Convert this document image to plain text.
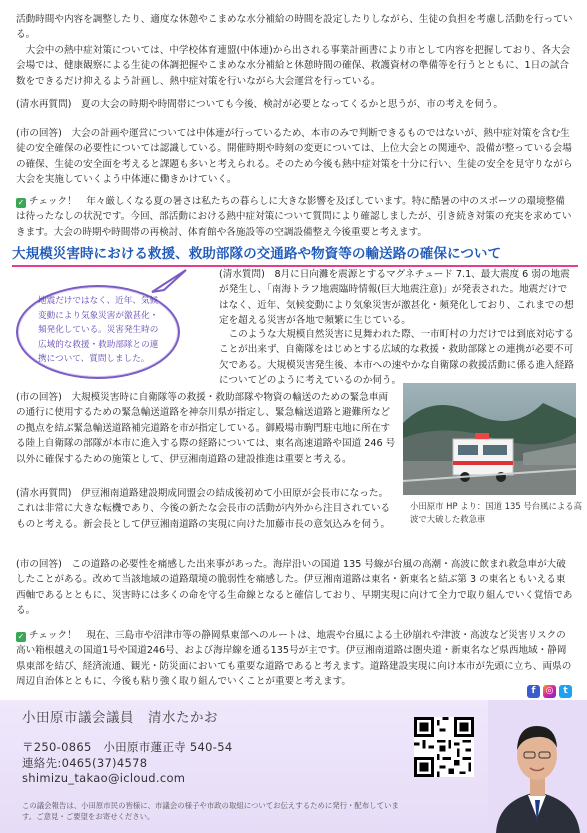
活動時間や内容を調整したり、適度な休憩やこまめな水分補給の時間を設定したりしながら、生徒の負担を考慮し活動を行っている。

大会中の熱中症対策については、中学校体育連盟(中体連)から出される事業計画書により市として内容を把握しており、各大会会場では、健康観察による生徒の体調把握やこまめな水分補給と休憩時間の確保、救護資材の準備等を行うとともに、1日の試合数をできるだけ抑えるよう計画し、熱中症対策を行いながら大会運営を行っている。

(清水再質問)　夏の大会の時期や時間帯についても今後、検討が必要となってくるかと思うが、市の考えを伺う。

(市の回答)　大会の計画や運営については中体連が行っているため、本市のみで判断できるものではないが、熱中症対策を含む生徒の安全確保の必要性については認識している。開催時期や時刻の変更については、上位大会との関連や、設備が整っている会場の確保、生徒の安全面を考えると課題も多いと考えられる。そのため今後も熱中症対策を十分に行い、生徒の安全を見守りながら大会を実施していくよう中体連に働きかけていく。

✓ チェック！　年々厳しくなる夏の暑さは私たちの暮らしに大きな影響を及ぼしています。特に酷暑の中のスポーツの環境整備は待ったなしの状況です。今回、部活動における熱中症対策について質問により確認しましたが、引き続き対策の充実を求めていきます。大会の時期や時間帯の再検討、体育館や各施設等の空調設備整え今後重要と考えます。
大規模災害時における救援、救助部隊の交通路や物資等の輸送路の確保について
地震だけではなく、近年、気候変動により気象災害が激甚化・頻発化している。災害発生時の広域的な救援・救助部隊との連携について、質問しました。

(清水質問)　8月に日向灘を震源とするマグネチュード 7.1、最大震度 6 弱の地震が発生し、「南海トラフ地震臨時情報(巨大地震注意)」が発表された。地震だけではなく、近年、気候変動により気象災害が激甚化・頻発化しており、これまでの想定を超える災害が各地で頻繁に生じている。

このような大規模自然災害に見舞われた際、一市町村の力だけでは到底対応することが出来ず、自衛隊をはじめとする広域的な救援・救助部隊との連携が必要不可欠である。大規模災害発生後、本市への速やかな自衛隊の救援活動に係る進入経路についてどのように考えているのか伺う。

(市の回答)　大規模災害時に自衛隊等の救援・救助部隊や物資の輸送のための緊急車両の通行に使用するための緊急輸送道路を神奈川県が指定し、緊急輸送道路と避難所などの拠点を結ぶ緊急輸送道路補完道路を市が指定している。御殿場市駒門駐屯地に所在する陸上自衛隊の部隊が本市に進入する際の経路については、東名高速道路や国道 246 号以外に確保するための施策として、伊豆湘南道路の建設推進は重要と考える。

小田原市 HP より：国道 135 号台風による高波で大破した救急車

(清水再質問)　伊豆湘南道路建設期成同盟会の結成後初めて小田原が会長市になった。これは非常に大きな転機であり、今後の新たな会長市の活動が内外から注目されているものと考える。新会長として伊豆湘南道路の実現に向けた加藤市長の意気込みを伺う。

(市の回答)　この道路の必要性を痛感した出来事があった。海岸沿いの国道 135 号線が台風の高潮・高波に飲まれ救急車が大破したことがある。改めて当該地域の道路環境の脆弱性を痛感した。伊豆湘南道路は東名・新東名と結ぶ第 3 の東名ともいえる東西軸であるとともに、災害時には多くの命を守る生命線となると確信しており、早期実現に向けて全力で取り組んでいく覚悟である。

✓ チェック！　現在、三島市や沼津市等の静岡県東部へのルートは、地震や台風による土砂崩れや津波・高波など災害リスクの高い箱根越えの国道1号や国道246号、および海岸線を通る135号が主です。伊豆湘南道路は圏央道・新東名など県西地域・静岡県東部を結び、経済流通、観光・防災面においても重要な道路であると考えます。道路建設実現に向け本市が先頭に立ち、両県の周辺自治体とともに、今後も粘り強く取り組んでいくことが重要と考えます。
f	◎	t
小田原市議会議員　清水たかお
〒250-0865　小田原市蓮正寺 540-54
連絡先:0465(37)4578
shimizu_takao@icloud.com
この議会報告は、小田原市民の皆様に、市議会の様子や市政の取組についてお伝えするために発行・配布しています。ご意見・ご要望をお寄せください。
